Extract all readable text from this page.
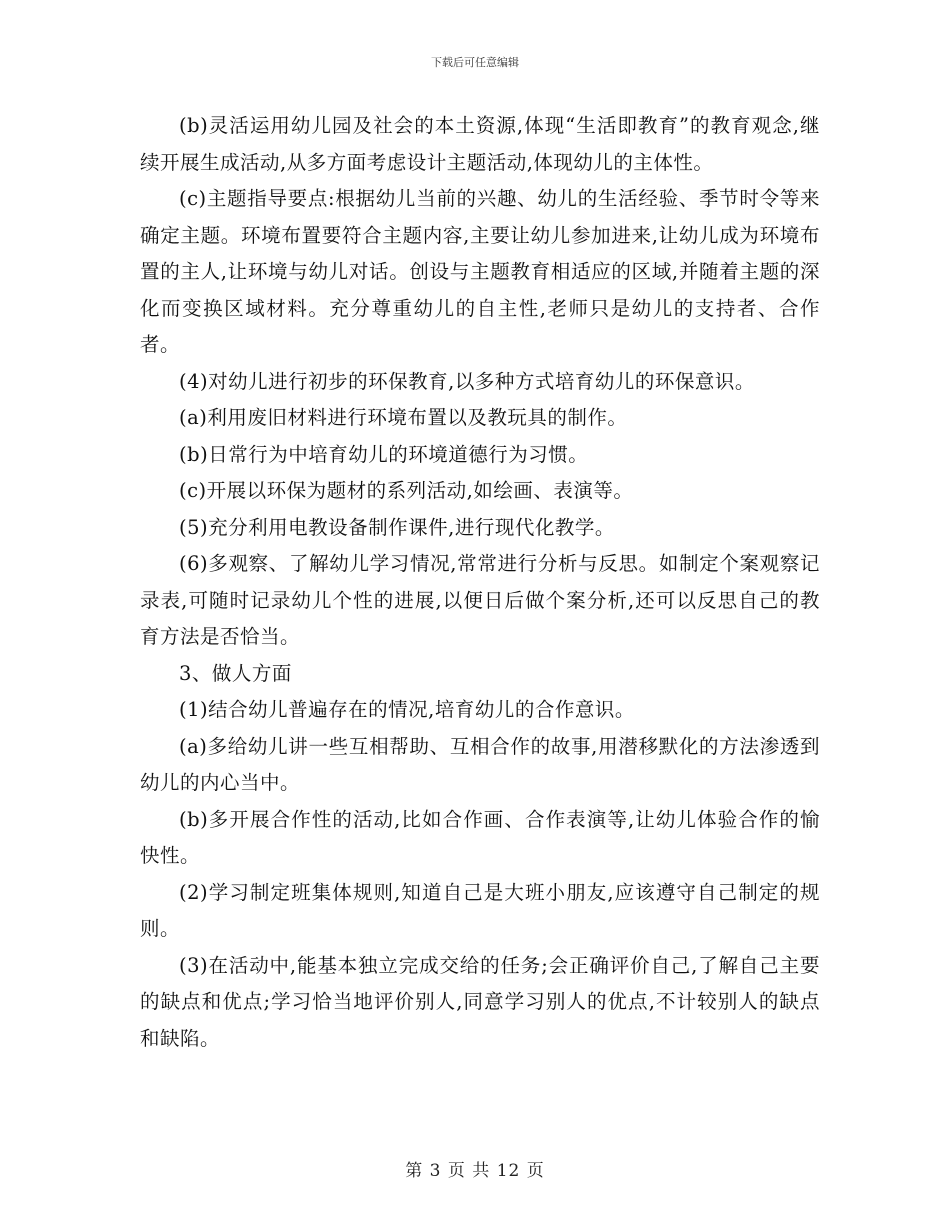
下载后可任意编辑

(b)灵活运用幼儿园及社会的本土资源,体现“生活即教育”的教育观念,继续开展生成活动,从多方面考虑设计主题活动,体现幼儿的主体性。

(c)主题指导要点:根据幼儿当前的兴趣、幼儿的生活经验、季节时令等来确定主题。环境布置要符合主题内容,主要让幼儿参加进来,让幼儿成为环境布置的主人,让环境与幼儿对话。创设与主题教育相适应的区域,并随着主题的深化而变换区域材料。充分尊重幼儿的自主性,老师只是幼儿的支持者、合作者。

(4)对幼儿进行初步的环保教育,以多种方式培育幼儿的环保意识。

(a)利用废旧材料进行环境布置以及教玩具的制作。

(b)日常行为中培育幼儿的环境道德行为习惯。

(c)开展以环保为题材的系列活动,如绘画、表演等。

(5)充分利用电教设备制作课件,进行现代化教学。

(6)多观察、了解幼儿学习情况,常常进行分析与反思。如制定个案观察记录表,可随时记录幼儿个性的进展,以便日后做个案分析,还可以反思自己的教育方法是否恰当。

3、做人方面

(1)结合幼儿普遍存在的情况,培育幼儿的合作意识。

(a)多给幼儿讲一些互相帮助、互相合作的故事,用潜移默化的方法渗透到幼儿的内心当中。

(b)多开展合作性的活动,比如合作画、合作表演等,让幼儿体验合作的愉快性。

(2)学习制定班集体规则,知道自己是大班小朋友,应该遵守自己制定的规则。

(3)在活动中,能基本独立完成交给的任务;会正确评价自己,了解自己主要的缺点和优点;学习恰当地评价别人,同意学习别人的优点,不计较别人的缺点和缺陷。

第 3 页 共 12 页
